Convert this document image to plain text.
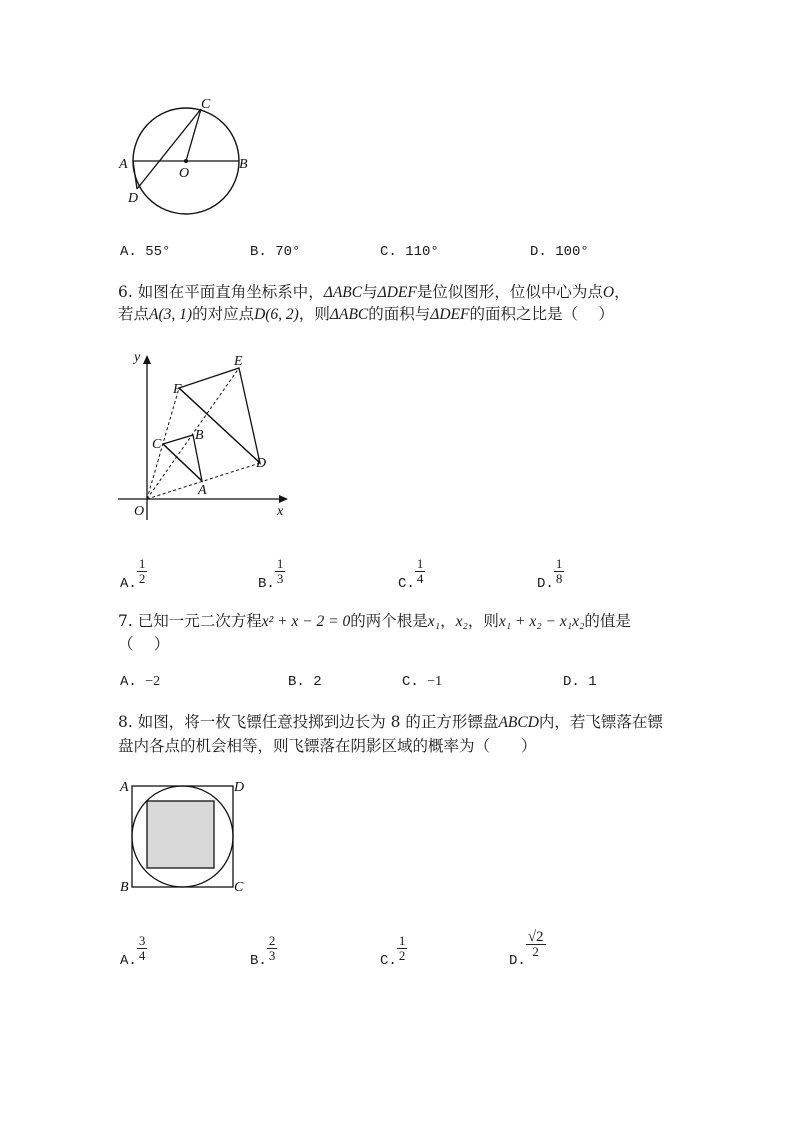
C
A	B
O
D
A. 55°	B. 70°	C. 110°	D. 100°
6. 如图在平面直角坐标系中，ΔABC与ΔDEF是位似图形，位似中心为点O，
若点A(3, 1)的对应点D(6, 2)，则ΔABC的面积与ΔDEF的面积之比是（　 ）
y
x
O
E
F
C
B
D
A
A. $\frac{1}{2}$	B. $\frac{1}{3}$	C. $\frac{1}{4}$	D. $\frac{1}{8}$
7. 已知一元二次方程x² + x − 2 = 0的两个根是x₁，x₂，则x₁ + x₂ − x₁x₂的值是
（　 ）
A. −2	B. 2	C. −1	D. 1
8. 如图，将一枚飞镖任意投掷到边长为 8 的正方形镖盘ABCD内，若飞镖落在镖
盘内各点的机会相等，则飞镖落在阴影区域的概率为（　　）
A	D
B	C
A. $\frac{3}{4}$	B. $\frac{2}{3}$	C. $\frac{1}{2}$	D.
$\frac{√2}{2}$
